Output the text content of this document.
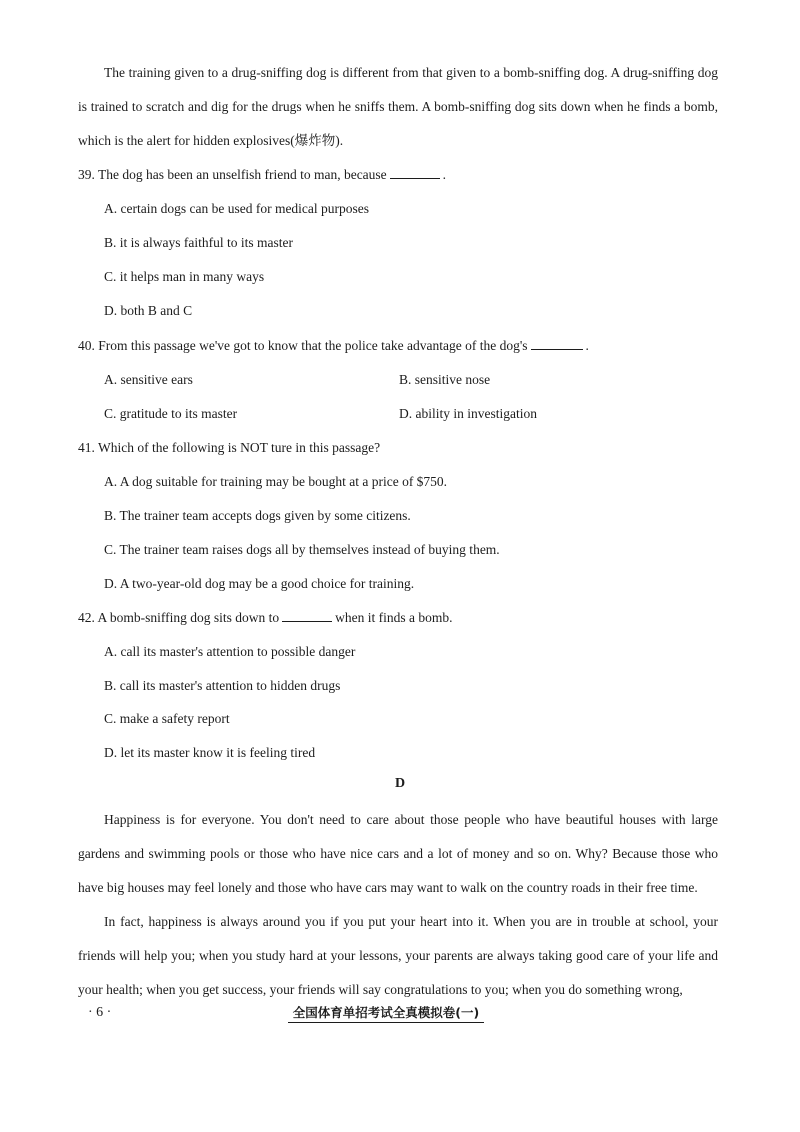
The training given to a drug-sniffing dog is different from that given to a bomb-sniffing dog. A drug-sniffing dog is trained to scratch and dig for the drugs when he sniffs them. A bomb-sniffing dog sits down when he finds a bomb, which is the alert for hidden explosives(爆炸物).

39. The dog has been an unselfish friend to man, because	.

A. certain dogs can be used for medical purposes

B. it is always faithful to its master

C. it helps man in many ways

D. both B and C

40. From this passage we've got to know that the police take advantage of the dog's	.

A. sensitive ears	B. sensitive nose

C. gratitude to its master	D. ability in investigation

41. Which of the following is NOT ture in this passage?

A. A dog suitable for training may be bought at a price of $750.

B. The trainer team accepts dogs given by some citizens.

C. The trainer team raises dogs all by themselves instead of buying them.

D. A two-year-old dog may be a good choice for training.

42. A bomb-sniffing dog sits down to	when it finds a bomb.

A. call its master's attention to possible danger

B. call its master's attention to hidden drugs

C. make a safety report

D. let its master know it is feeling tired

D

Happiness is for everyone. You don't need to care about those people who have beautiful houses with large gardens and swimming pools or those who have nice cars and a lot of money and so on. Why? Because those who have big houses may feel lonely and those who have cars may want to walk on the country roads in their free time.

In fact, happiness is always around you if you put your heart into it. When you are in trouble at school, your friends will help you; when you study hard at your lessons, your parents are always taking good care of your life and your health; when you get success, your friends will say congratulations to you; when you do something wrong,

· 6 ·	全国体育单招考试全真模拟卷(一)
